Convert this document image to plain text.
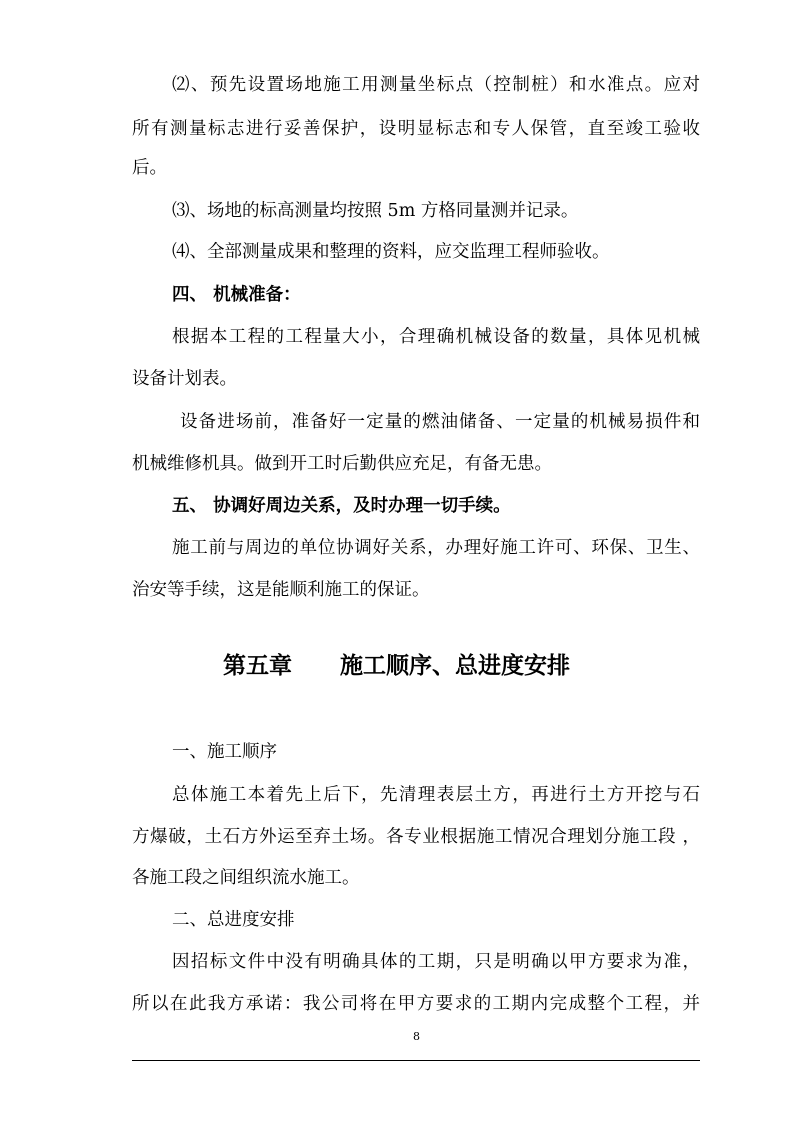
⑵、预先设置场地施工用测量坐标点（控制桩）和水准点。应对

所有测量标志进行妥善保护，设明显标志和专人保管，直至竣工验收

后。

⑶、场地的标高测量均按照 5m 方格同量测并记录。

⑷、全部测量成果和整理的资料，应交监理工程师验收。

四、 机械准备：

根据本工程的工程量大小，合理确机械设备的数量，具体见机械

设备计划表。

设备进场前，准备好一定量的燃油储备、一定量的机械易损件和

机械维修机具。做到开工时后勤供应充足，有备无患。

五、 协调好周边关系，及时办理一切手续。

施工前与周边的单位协调好关系，办理好施工许可、环保、卫生、

治安等手续，这是能顺利施工的保证。

第五章      施工顺序、总进度安排

一、施工顺序

总体施工本着先上后下，先清理表层土方，再进行土方开挖与石

方爆破，土石方外运至弃土场。各专业根据施工情况合理划分施工段 ，

各施工段之间组织流水施工。

二、总进度安排

因招标文件中没有明确具体的工期，只是明确以甲方要求为准，

所以在此我方承诺：我公司将在甲方要求的工期内完成整个工程，并

8
